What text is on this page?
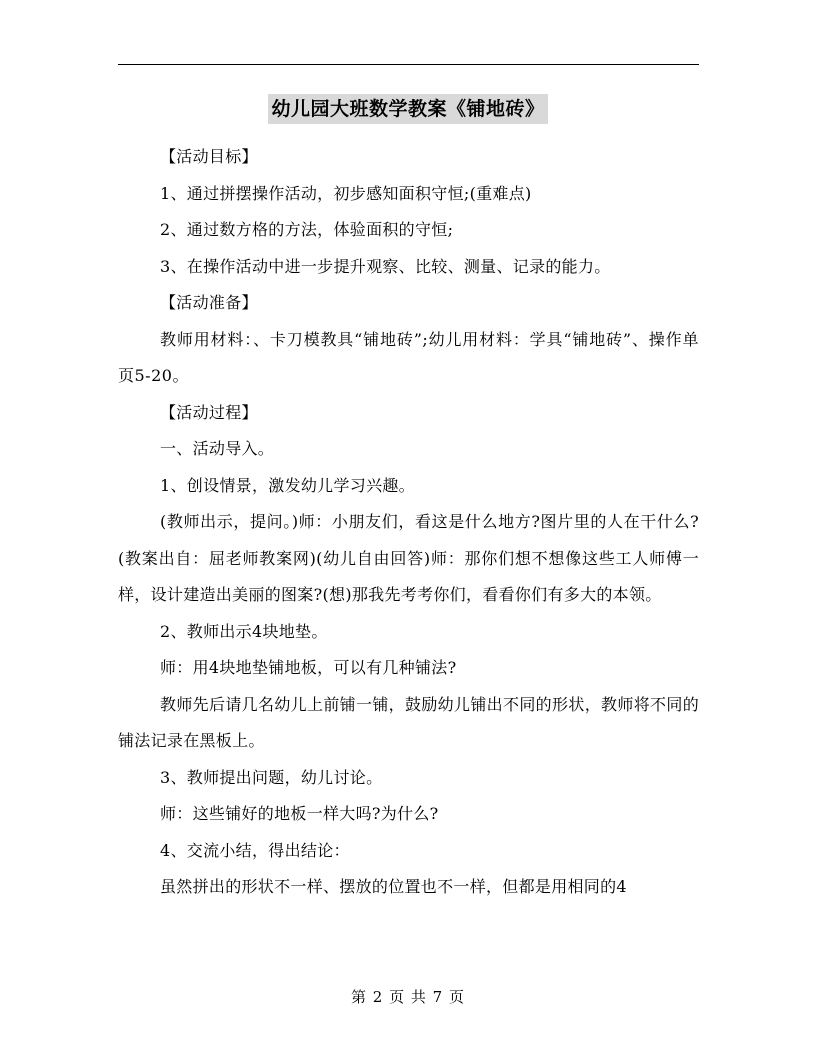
幼儿园大班数学教案《铺地砖》

【活动目标】

1、通过拼摆操作活动，初步感知面积守恒;(重难点)

2、通过数方格的方法，体验面积的守恒;

3、在操作活动中进一步提升观察、比较、测量、记录的能力。

【活动准备】

教师用材料：、卡刀模教具“铺地砖”;幼儿用材料：学具“铺地砖”、操作单页5-20。

【活动过程】

一、活动导入。

1、创设情景，激发幼儿学习兴趣。

(教师出示，提问。)师：小朋友们，看这是什么地方?图片里的人在干什么?(教案出自：屈老师教案网)(幼儿自由回答)师：那你们想不想像这些工人师傅一样，设计建造出美丽的图案?(想)那我先考考你们，看看你们有多大的本领。

2、教师出示4块地垫。

师：用4块地垫铺地板，可以有几种铺法?

教师先后请几名幼儿上前铺一铺，鼓励幼儿铺出不同的形状，教师将不同的铺法记录在黑板上。

3、教师提出问题，幼儿讨论。

师：这些铺好的地板一样大吗?为什么?

4、交流小结，得出结论：

虽然拼出的形状不一样、摆放的位置也不一样，但都是用相同的4

第 2 页 共 7 页
